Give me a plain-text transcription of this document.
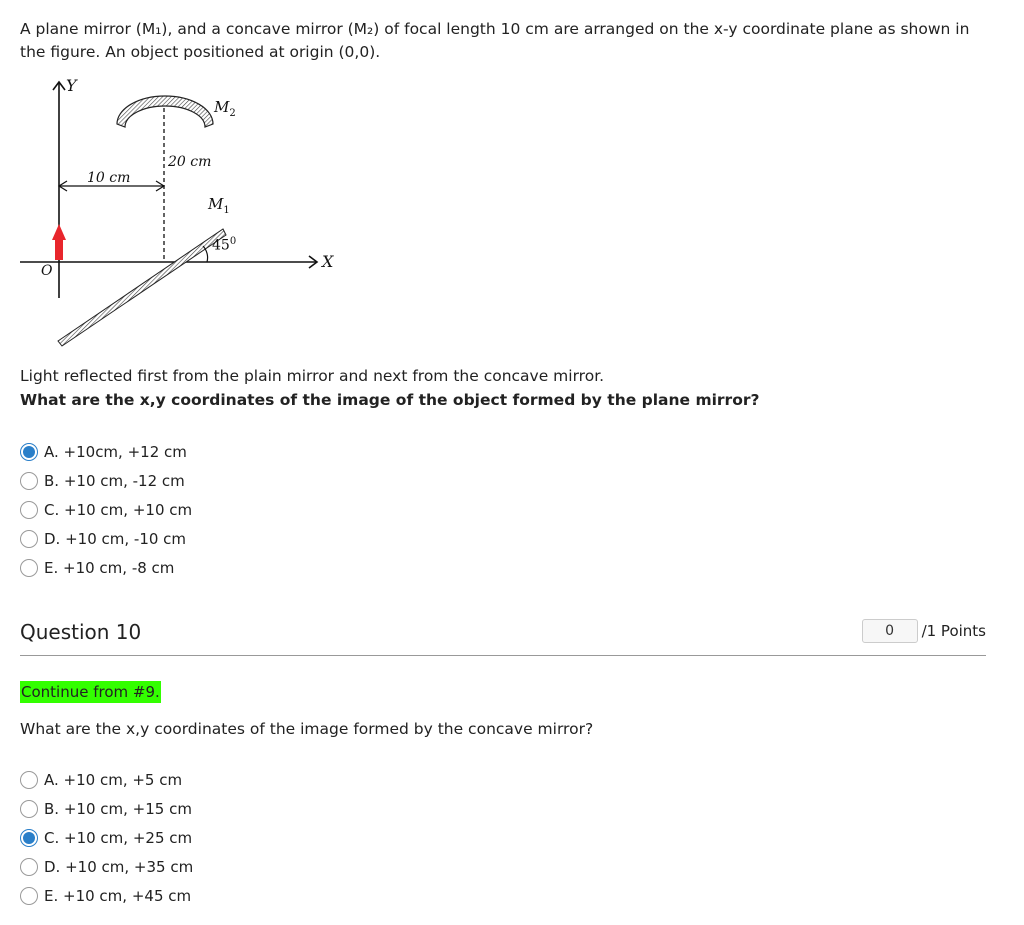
A plane mirror (M₁), and a concave mirror (M₂) of focal length 10 cm are arranged on the x-y coordinate plane as shown in the figure. An object positioned at origin (0,0).
Y
X
O
10 cm
20 cm
$M_2$
$M_1$
$45^0$
Light reflected first from the plain mirror and next from the concave mirror.
What are the x,y coordinates of the image of the object formed by the plane mirror?
A. +10cm, +12 cm
B. +10 cm, -12 cm
C. +10 cm, +10 cm
D. +10 cm, -10 cm
E. +10 cm, -8 cm
Question 10
0	/1 Points
Continue from #9.
What are the x,y coordinates of the image formed by the concave mirror?
A. +10 cm, +5 cm
B. +10 cm, +15 cm
C. +10 cm, +25 cm
D. +10 cm, +35 cm
E. +10 cm, +45 cm
